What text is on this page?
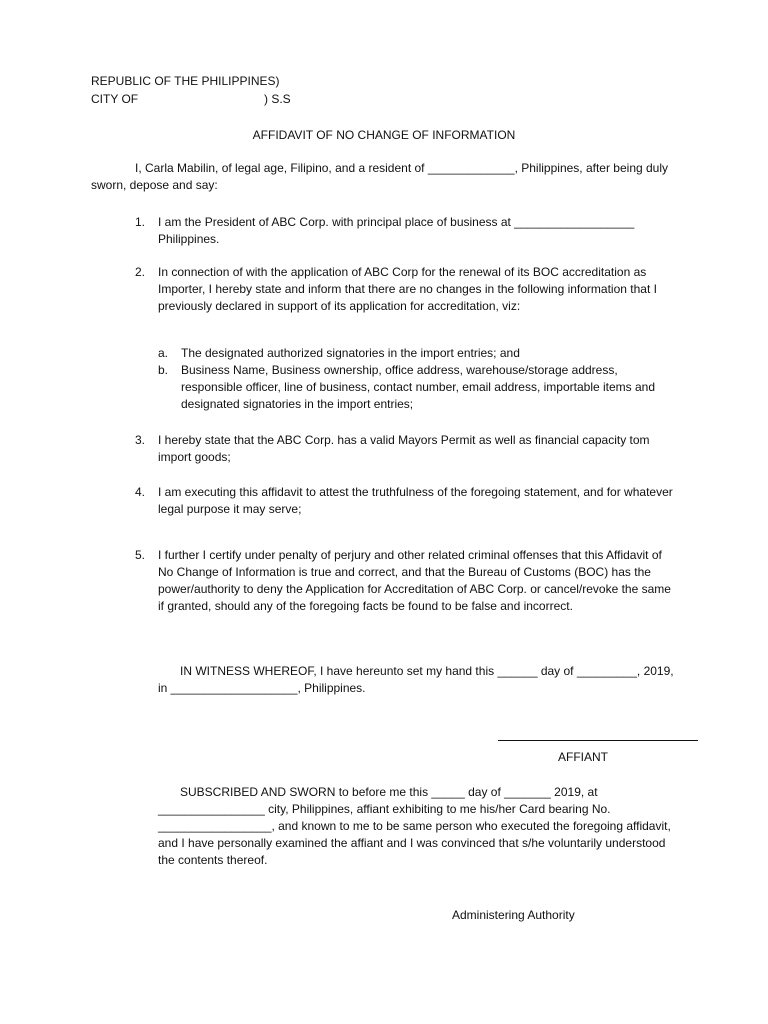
REPUBLIC OF THE PHILIPPINES)
CITY OF	) S.S
AFFIDAVIT OF NO CHANGE OF INFORMATION
I, Carla Mabilin, of legal age, Filipino, and a resident of _____________, Philippines, after being duly sworn, depose and say:
1.	I am the President of ABC Corp. with principal place of business at __________________ Philippines.
2.	In connection of with the application of ABC Corp for the renewal of its BOC accreditation as Importer, I hereby state and inform that there are no changes in the following information that I previously declared in support of its application for accreditation, viz:
a. The designated authorized signatories in the import entries; and
b. Business Name, Business ownership, office address, warehouse/storage address, responsible officer, line of business, contact number, email address, importable items and designated signatories in the import entries;
3.	I hereby state that the ABC Corp. has a valid Mayors Permit as well as financial capacity tom import goods;
4.	I am executing this affidavit to attest the truthfulness of the foregoing statement, and for whatever legal purpose it may serve;
5.	I further I certify under penalty of perjury and other related criminal offenses that this Affidavit of No Change of Information is true and correct, and that the Bureau of Customs (BOC) has the power/authority to deny the Application for Accreditation of ABC Corp. or cancel/revoke the same if granted, should any of the foregoing facts be found to be false and incorrect.
IN WITNESS WHEREOF, I have hereunto set my hand this ______ day of _________, 2019, in ___________________, Philippines.
AFFIANT
SUBSCRIBED AND SWORN to before me this _____ day of _______ 2019, at ________________ city, Philippines, affiant exhibiting to me his/her Card bearing No. _________________, and known to me to be same person who executed the foregoing affidavit, and I have personally examined the affiant and I was convinced that s/he voluntarily understood the contents thereof.
Administering Authority
